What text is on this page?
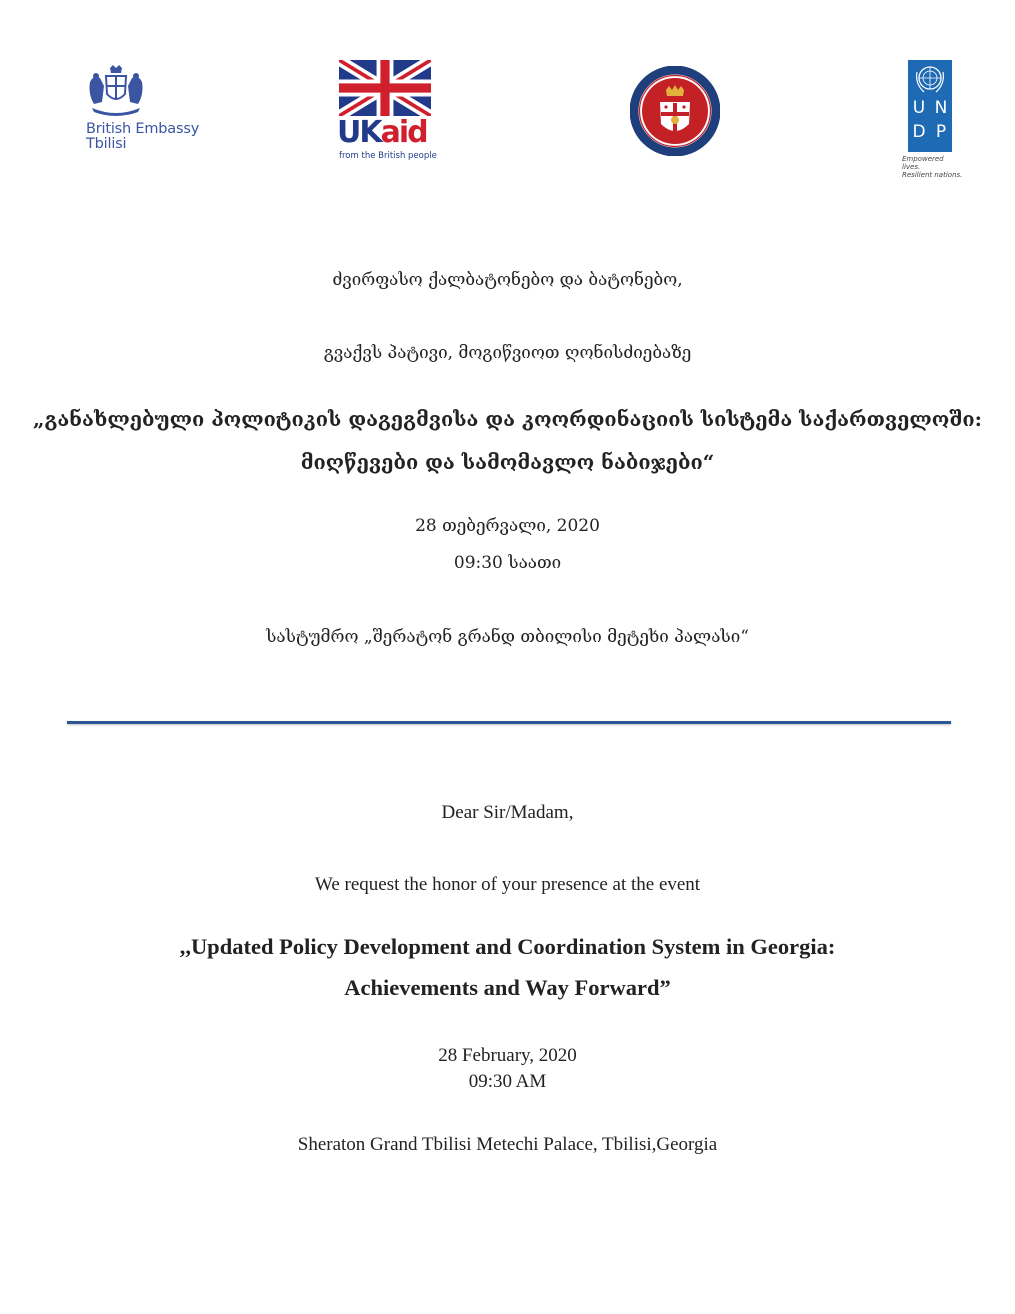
British Embassy
Tbilisi	UKaid
from the British people
U N
D P
Empowered lives.
Resilient nations.
ძვირფასო ქალბატონებო და ბატონებო,
გვაქვს პატივი, მოგიწვიოთ ღონისძიებაზე
„განახლებული პოლიტიკის დაგეგმვისა და კოორდინაციის სისტემა საქართველოში:
მიღწევები და სამომავლო ნაბიჯები“
28 თებერვალი, 2020
09:30 საათი
სასტუმრო „შერატონ გრანდ თბილისი მეტეხი პალასი“
Dear Sir/Madam,
We request the honor of your presence at the event
,,Updated Policy Development and Coordination System in Georgia:
Achievements and Way Forward”
28 February, 2020
09:30 AM
Sheraton Grand Tbilisi Metechi Palace, Tbilisi,Georgia
